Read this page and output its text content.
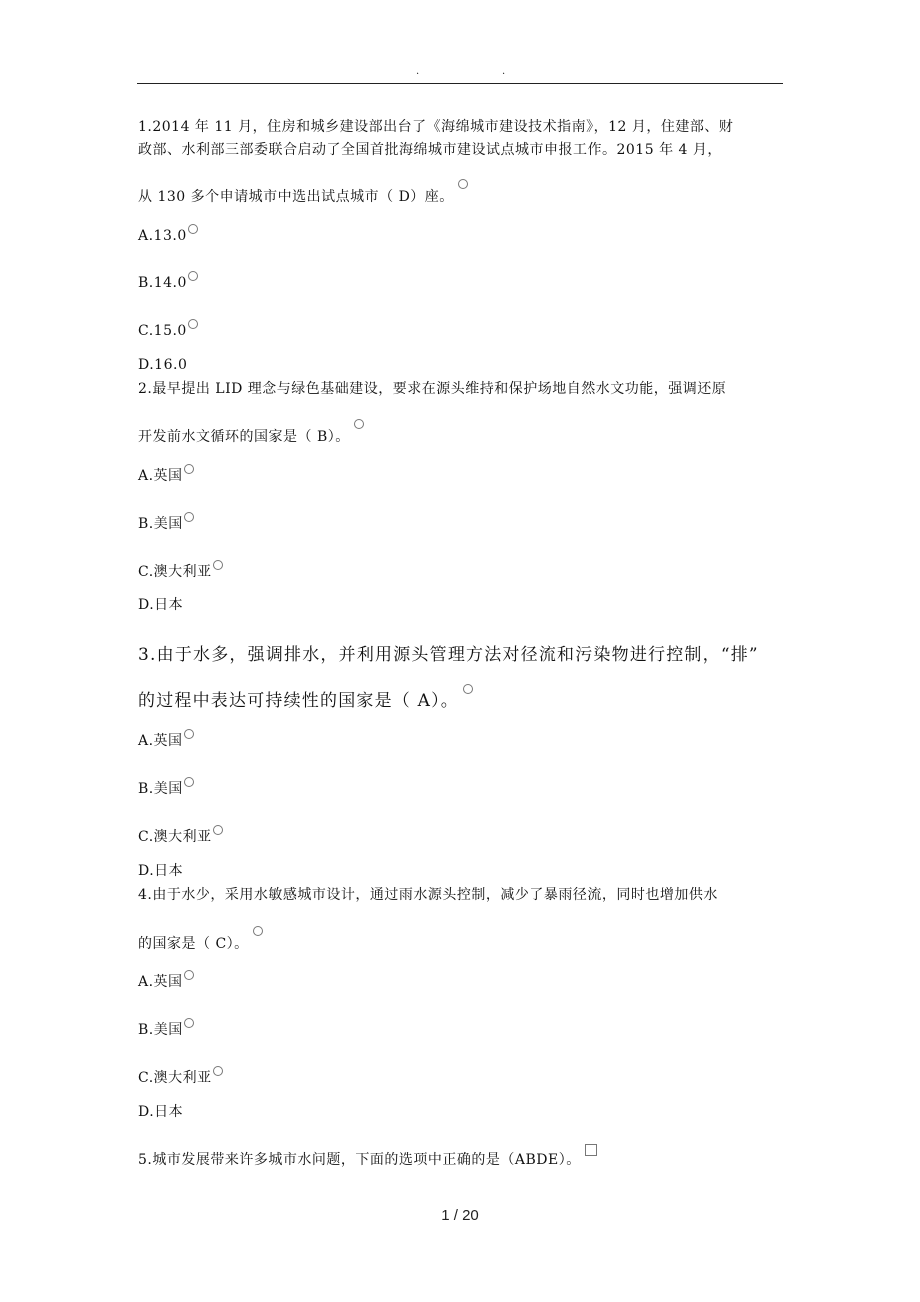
.	.
1.2014 年 11 月，住房和城乡建设部出台了《海绵城市建设技术指南》，12 月，住建部、财
政部、水利部三部委联合启动了全国首批海绵城市建设试点城市申报工作。2015 年 4 月，
从 130 多个申请城市中选出试点城市（ D）座。
A.13.0
B.14.0
C.15.0
D.16.0
2.最早提出 LID 理念与绿色基础建设，要求在源头维持和保护场地自然水文功能，强调还原
开发前水文循环的国家是（ B）。
A.英国
B.美国
C.澳大利亚
D.日本
3.由于水多，强调排水，并利用源头管理方法对径流和污染物进行控制，“排”
的过程中表达可持续性的国家是（ A）。
A.英国
B.美国
C.澳大利亚
D.日本
4.由于水少，采用水敏感城市设计，通过雨水源头控制，减少了暴雨径流，同时也增加供水
的国家是（ C）。
A.英国
B.美国
C.澳大利亚
D.日本
5.城市发展带来许多城市水问题，下面的选项中正确的是（ABDE）。
1 / 20
